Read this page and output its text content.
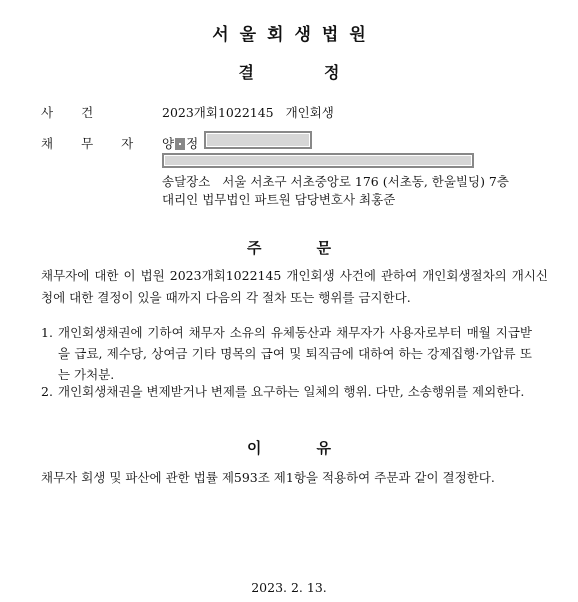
서울회생법원
결정
사건	2023개회1022145 개인회생
채무자 양 정
송달장소 서울 서초구 서초중앙로 176 (서초동, 한울빌딩) 7층
대리인 법무법인 파트원 담당변호사 최홍준
주문
채무자에 대한 이 법원 2023개회1022145 개인회생 사건에 관하여 개인회생절차의 개시신청에 대한 결정이 있을 때까지 다음의 각 절차 또는 행위를 금지한다.
1. 개인회생채권에 기하여 채무자 소유의 유체동산과 채무자가 사용자로부터 매월 지급받을 급료, 제수당, 상여금 기타 명목의 급여 및 퇴직금에 대하여 하는 강제집행·가압류 또는 가처분.
2. 개인회생채권을 변제받거나 변제를 요구하는 일체의 행위. 다만, 소송행위를 제외한다.
이유
채무자 회생 및 파산에 관한 법률 제593조 제1항을 적용하여 주문과 같이 결정한다.
2023. 2. 13.
